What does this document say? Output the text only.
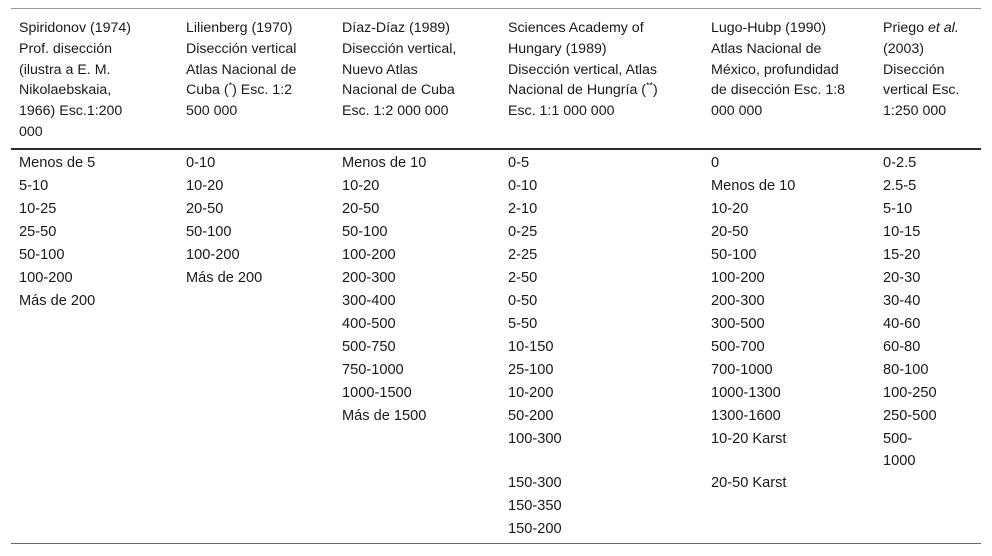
Spiridonov (1974)
Prof. disección
(ilustra a E. M.
Nikolaebskaia,
1966) Esc.1:200
000
Lilienberg (1970)
Disección vertical
Atlas Nacional de
Cuba (*) Esc. 1:2
500 000
Díaz-Díaz (1989)
Disección vertical,
Nuevo Atlas
Nacional de Cuba
Esc. 1:2 000 000
Sciences Academy of
Hungary (1989)
Disección vertical, Atlas
Nacional de Hungría (**)
Esc. 1:1 000 000
Lugo-Hubp (1990)
Atlas Nacional de
México, profundidad
de disección Esc. 1:8
000 000
Priego et al.
(2003)
Disección
vertical Esc.
1:250 000
Menos de 5
5-10
10-25
25-50
50-100
100-200
Más de 200
0-10
10-20
20-50
50-100
100-200
Más de 200
Menos de 10
10-20
20-50
50-100
100-200
200-300
300-400
400-500
500-750
750-1000
1000-1500
Más de 1500
0-5
0-10
2-10
0-25
2-25
2-50
0-50
5-50
10-150
25-100
10-200
50-200
100-300
150-300
150-350
150-200
0
Menos de 10
10-20
20-50
50-100
100-200
200-300
300-500
500-700
700-1000
1000-1300
1300-1600
10-20 Karst
20-50 Karst
0-2.5
2.5-5
5-10
10-15
15-20
20-30
30-40
40-60
60-80
80-100
100-250
250-500
500-
1000
